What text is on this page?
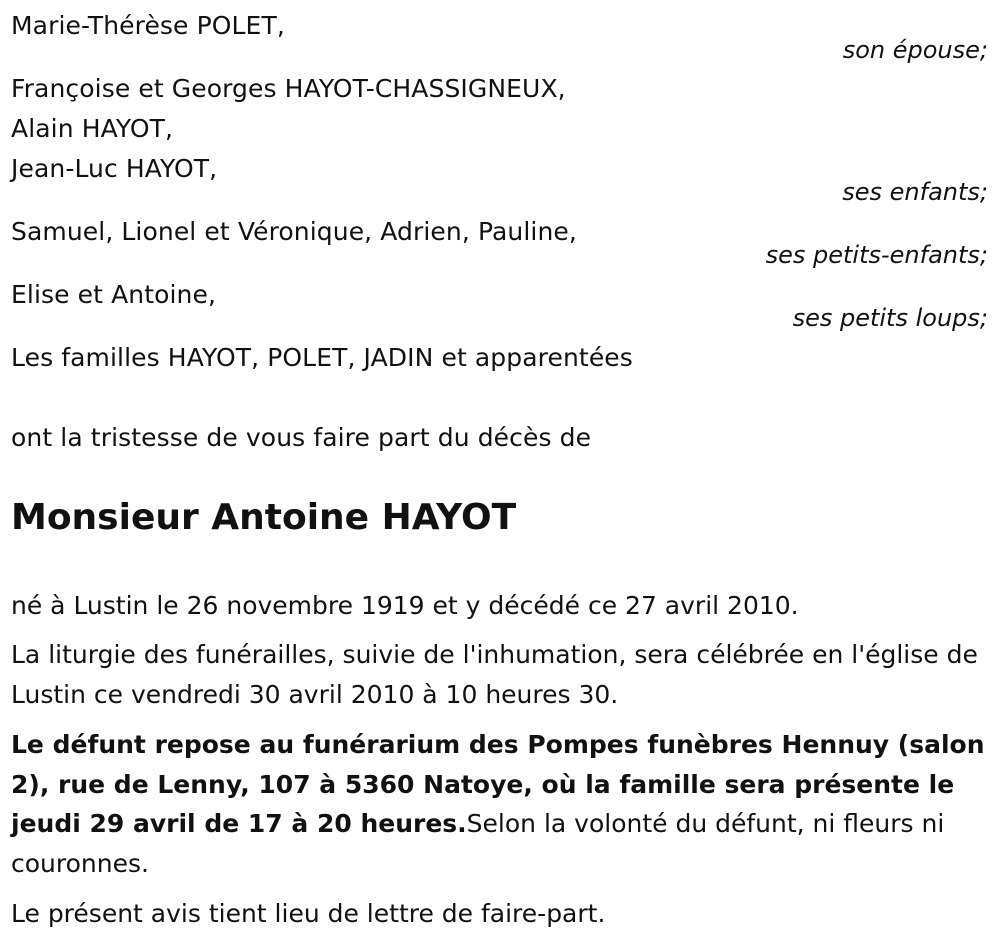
Marie-Thérèse POLET,
son épouse;
Françoise et Georges HAYOT-CHASSIGNEUX,
Alain HAYOT,
Jean-Luc HAYOT,
ses enfants;
Samuel, Lionel et Véronique, Adrien, Pauline,
ses petits-enfants;
Elise et Antoine,
ses petits loups;
Les familles HAYOT, POLET, JADIN et apparentées
ont la tristesse de vous faire part du décès de
Monsieur Antoine HAYOT
né à Lustin le 26 novembre 1919 et y décédé ce 27 avril 2010.
La liturgie des funérailles, suivie de l'inhumation, sera célébrée en l'église de Lustin ce vendredi 30 avril 2010 à 10 heures 30.
Le défunt repose au funérarium des Pompes funèbres Hennuy (salon 2), rue de Lenny, 107 à 5360 Natoye, où la famille sera présente le jeudi 29 avril de 17 à 20 heures.Selon la volonté du défunt, ni fleurs ni couronnes.
Le présent avis tient lieu de lettre de faire-part.
